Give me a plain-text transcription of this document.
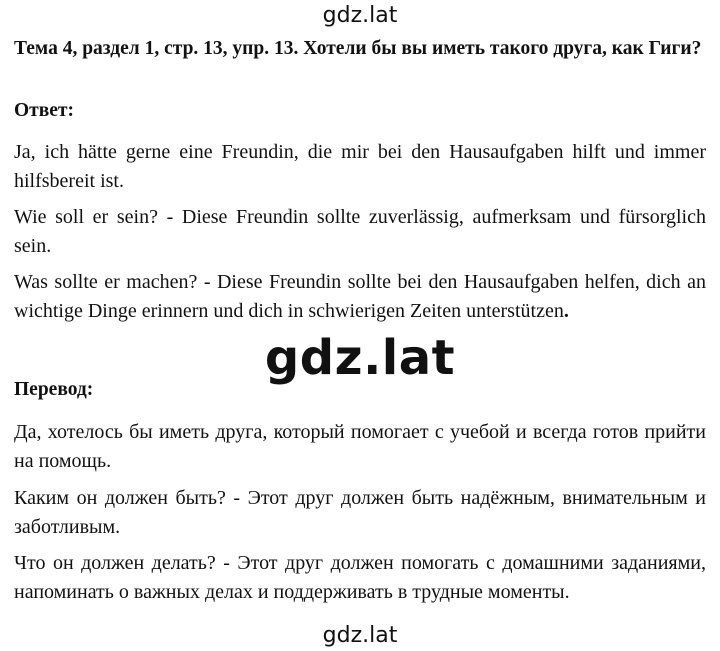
gdz.lat
Тема 4, раздел 1, стр. 13, упр. 13. Хотели бы вы иметь такого друга, как Гиги?
Ответ:
Ja, ich hätte gerne eine Freundin, die mir bei den Hausaufgaben hilft und immer hilfsbereit ist.
Wie soll er sein? - Diese Freundin sollte zuverlässig, aufmerksam und fürsorglich sein.
Was sollte er machen? - Diese Freundin sollte bei den Hausaufgaben helfen, dich an wichtige Dinge erinnern und dich in schwierigen Zeiten unterstützen.
Перевод:
Да, хотелось бы иметь друга, который помогает с учебой и всегда готов прийти на помощь.
Каким он должен быть? - Этот друг должен быть надёжным, внимательным и заботливым.
Что он должен делать? - Этот друг должен помогать с домашними заданиями, напоминать о важных делах и поддерживать в трудные моменты.
gdz.lat
gdz.lat
